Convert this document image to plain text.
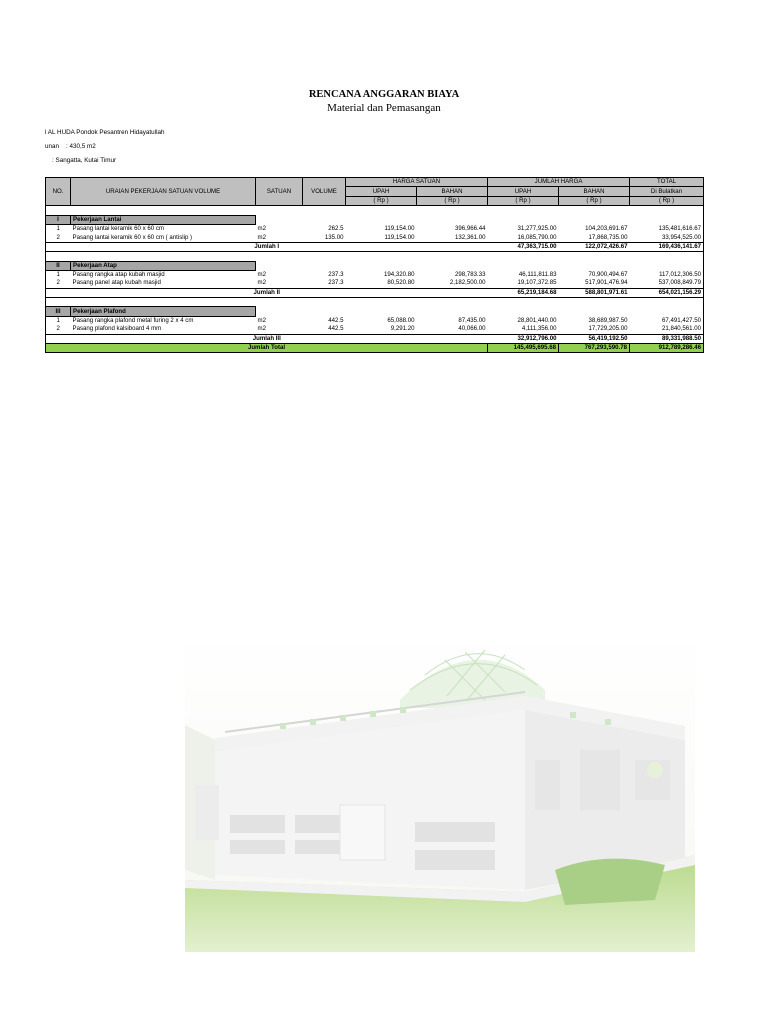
RENCANA ANGGARAN BIAYA
Material dan Pemasangan
l AL HUDA Pondok Pesantren Hidayatullah
unan    : 430,5 m2
: Sangatta, Kutai Timur
NO.	URAIAN PEKERJAAN SATUAN VOLUME	SATUAN	VOLUME	HARGA SATUAN		JUMLAH HARGA		TOTAL
				UPAH	BAHAN	UPAH	BAHAN	Di Bulatkan
				( Rp )	( Rp )	( Rp )	( Rp )	( Rp )

I	Pekerjaan Lantai							
1	Pasang lantai keramik 60 x 60 cm	m2	262.5	119,154.00	396,966.44	31,277,925.00	104,203,691.67	135,481,616.67
2	Pasang lantai keramik 60 x 60 cm ( antislip )	m2	135.00	119,154.00	132,361.00	16,085,790.00	17,868,735.00	33,954,525.00
Jumlah I						47,363,715.00	122,072,426.67	169,436,141.67

II	Pekerjaan Atap							
1	Pasang rangka atap kubah masjid	m2	237.3	194,320.80	298,783.33	46,111,811.83	70,900,494.67	117,012,306.50
2	Pasang panel atap kubah masjid	m2	237.3	80,520.80	2,182,500.00	19,107,372.85	517,901,476.94	537,008,849.79
Jumlah II						65,219,184.68	588,801,971.61	654,021,156.29

III	Pekerjaan Plafond							
1	Pasang rangka plafond metal furing 2 x 4 cm	m2	442.5	65,088.00	87,435.00	28,801,440.00	38,689,987.50	67,491,427.50
2	Pasang plafond kalsiboard 4 mm	m2	442.5	9,291.20	40,066.00	4,111,356.00	17,729,205.00	21,840,561.00
Jumlah III						32,912,796.00	56,419,192.50	89,331,988.50
Jumlah Total						145,495,695.68	767,293,590.78	912,789,286.46
